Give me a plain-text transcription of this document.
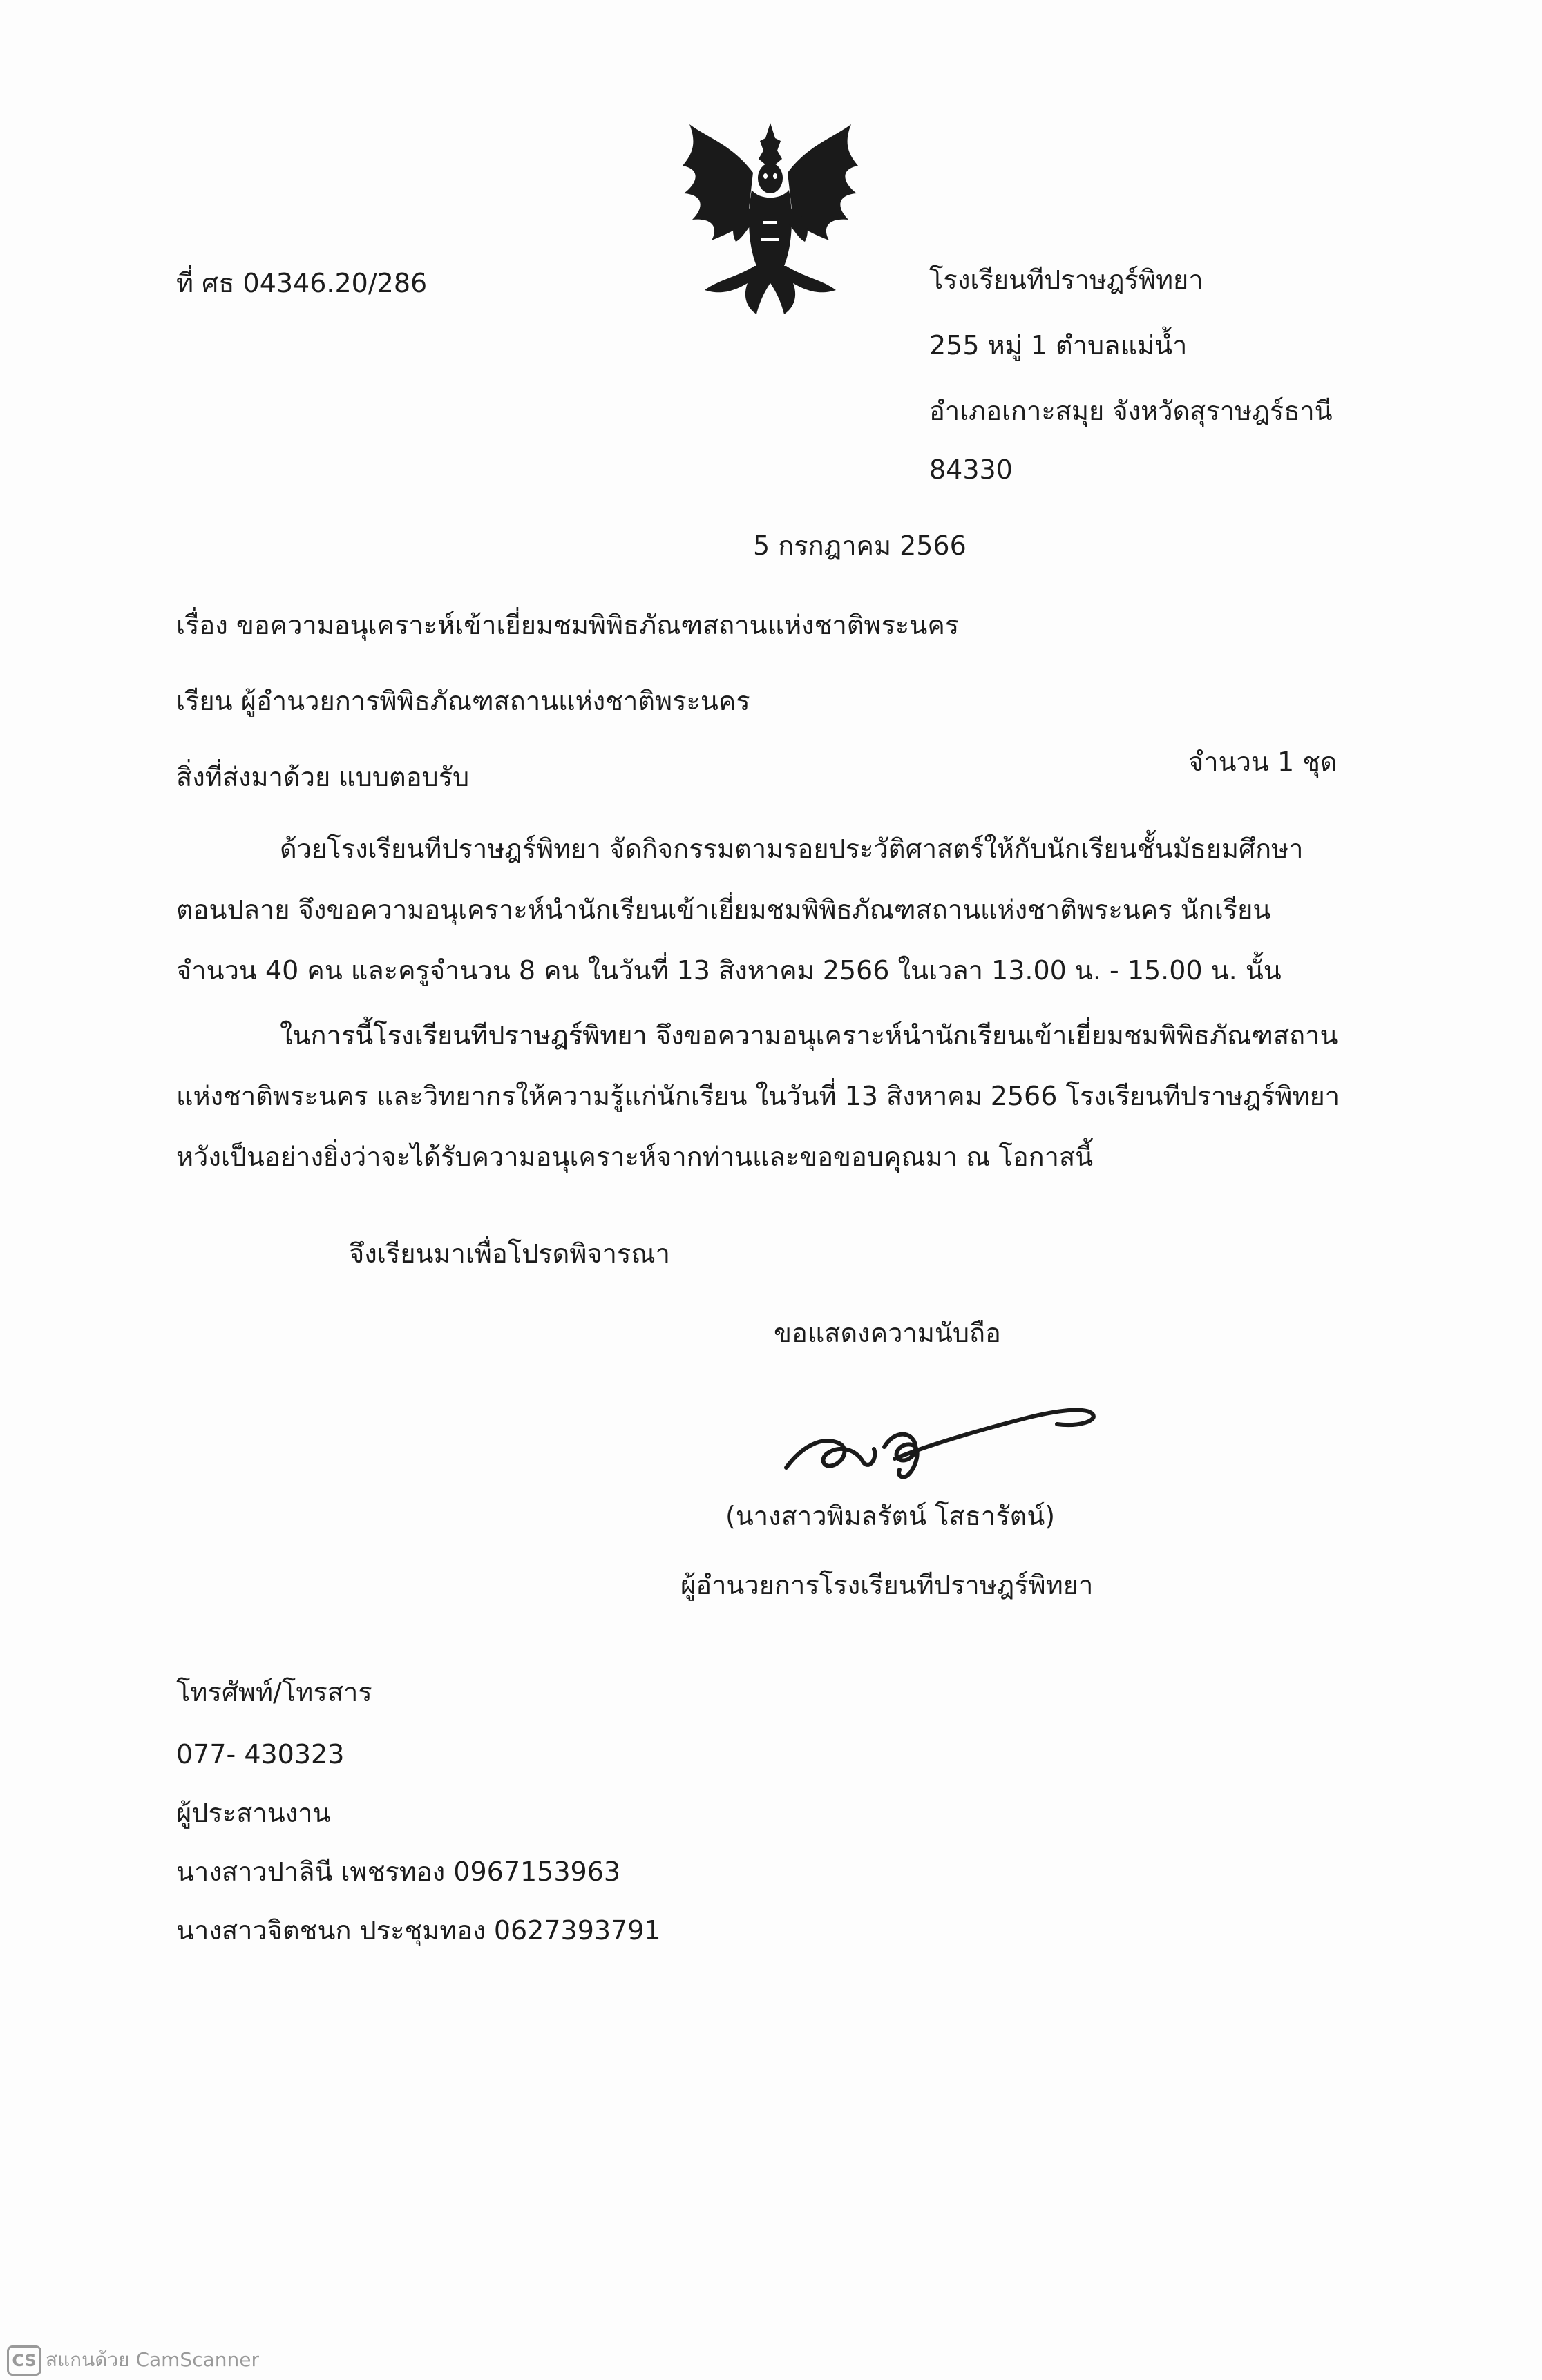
ที่ ศธ 04346.20/286	โรงเรียนทีปราษฎร์พิทยา
255 หมู่ 1 ตำบลแม่น้ำ
อำเภอเกาะสมุย จังหวัดสุราษฎร์ธานี
84330
5 กรกฎาคม 2566
เรื่อง ขอความอนุเคราะห์เข้าเยี่ยมชมพิพิธภัณฑสถานแห่งชาติพระนคร
เรียน ผู้อำนวยการพิพิธภัณฑสถานแห่งชาติพระนคร
สิ่งที่ส่งมาด้วย แบบตอบรับ	จำนวน 1 ชุด
ด้วยโรงเรียนทีปราษฎร์พิทยา จัดกิจกรรมตามรอยประวัติศาสตร์ให้กับนักเรียนชั้นมัธยมศึกษาตอนปลาย จึงขอความอนุเคราะห์นำนักเรียนเข้าเยี่ยมชมพิพิธภัณฑสถานแห่งชาติพระนคร นักเรียนจำนวน 40 คน และครูจำนวน 8 คน ในวันที่ 13 สิงหาคม 2566 ในเวลา 13.00 น. - 15.00 น. นั้น
ในการนี้โรงเรียนทีปราษฎร์พิทยา จึงขอความอนุเคราะห์นำนักเรียนเข้าเยี่ยมชมพิพิธภัณฑสถานแห่งชาติพระนคร และวิทยากรให้ความรู้แก่นักเรียน ในวันที่ 13 สิงหาคม 2566 โรงเรียนทีปราษฎร์พิทยาหวังเป็นอย่างยิ่งว่าจะได้รับความอนุเคราะห์จากท่านและขอขอบคุณมา ณ โอกาสนี้
จึงเรียนมาเพื่อโปรดพิจารณา
ขอแสดงความนับถือ
(นางสาวพิมลรัตน์ โสธารัตน์)
ผู้อำนวยการโรงเรียนทีปราษฎร์พิทยา
โทรศัพท์/โทรสาร
077- 430323
ผู้ประสานงาน
นางสาวปาลินี เพชรทอง 0967153963
นางสาวจิตชนก ประชุมทอง 0627393791
CS สแกนด้วย CamScanner
